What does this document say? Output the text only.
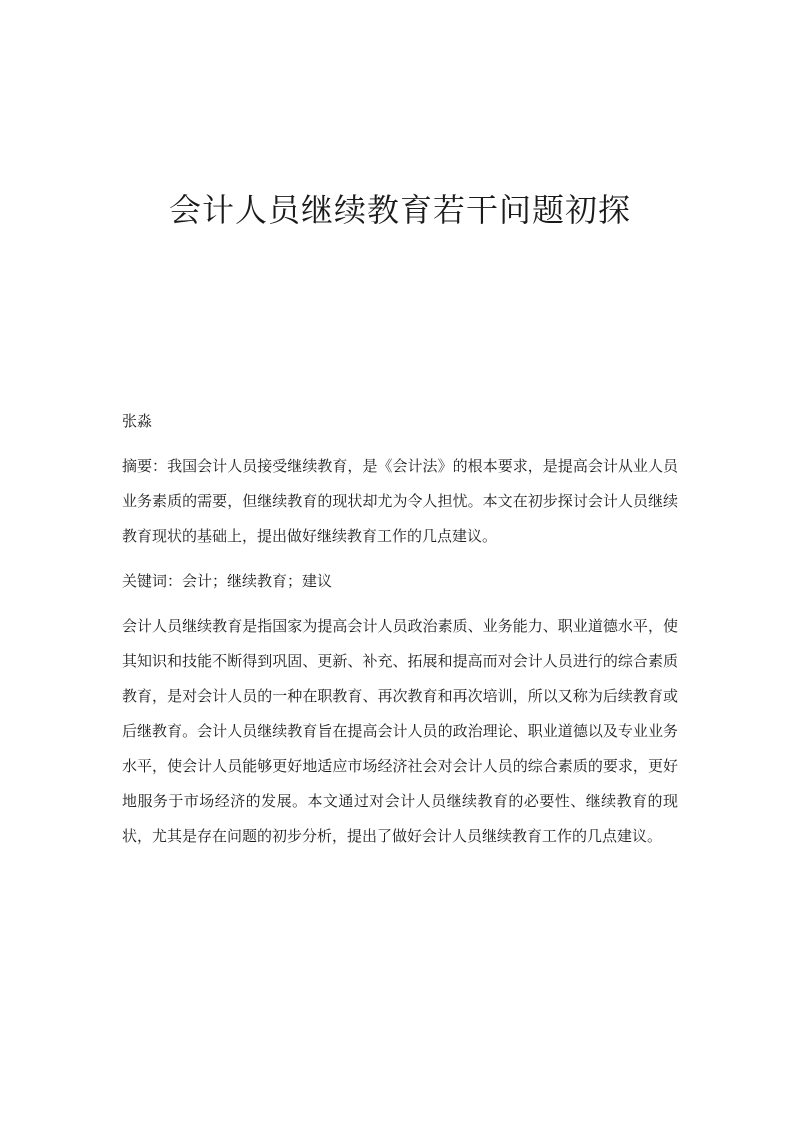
会计人员继续教育若干问题初探

张淼

摘要：我国会计人员接受继续教育，是《会计法》的根本要求，是提高会计从业人员业务素质的需要，但继续教育的现状却尤为令人担忧。本文在初步探讨会计人员继续教育现状的基础上，提出做好继续教育工作的几点建议。

关键词：会计；继续教育；建议

会计人员继续教育是指国家为提高会计人员政治素质、业务能力、职业道德水平，使其知识和技能不断得到巩固、更新、补充、拓展和提高而对会计人员进行的综合素质教育，是对会计人员的一种在职教育、再次教育和再次培训，所以又称为后续教育或后继教育。会计人员继续教育旨在提高会计人员的政治理论、职业道德以及专业业务水平，使会计人员能够更好地适应市场经济社会对会计人员的综合素质的要求，更好地服务于市场经济的发展。本文通过对会计人员继续教育的必要性、继续教育的现状，尤其是存在问题的初步分析，提出了做好会计人员继续教育工作的几点建议。
